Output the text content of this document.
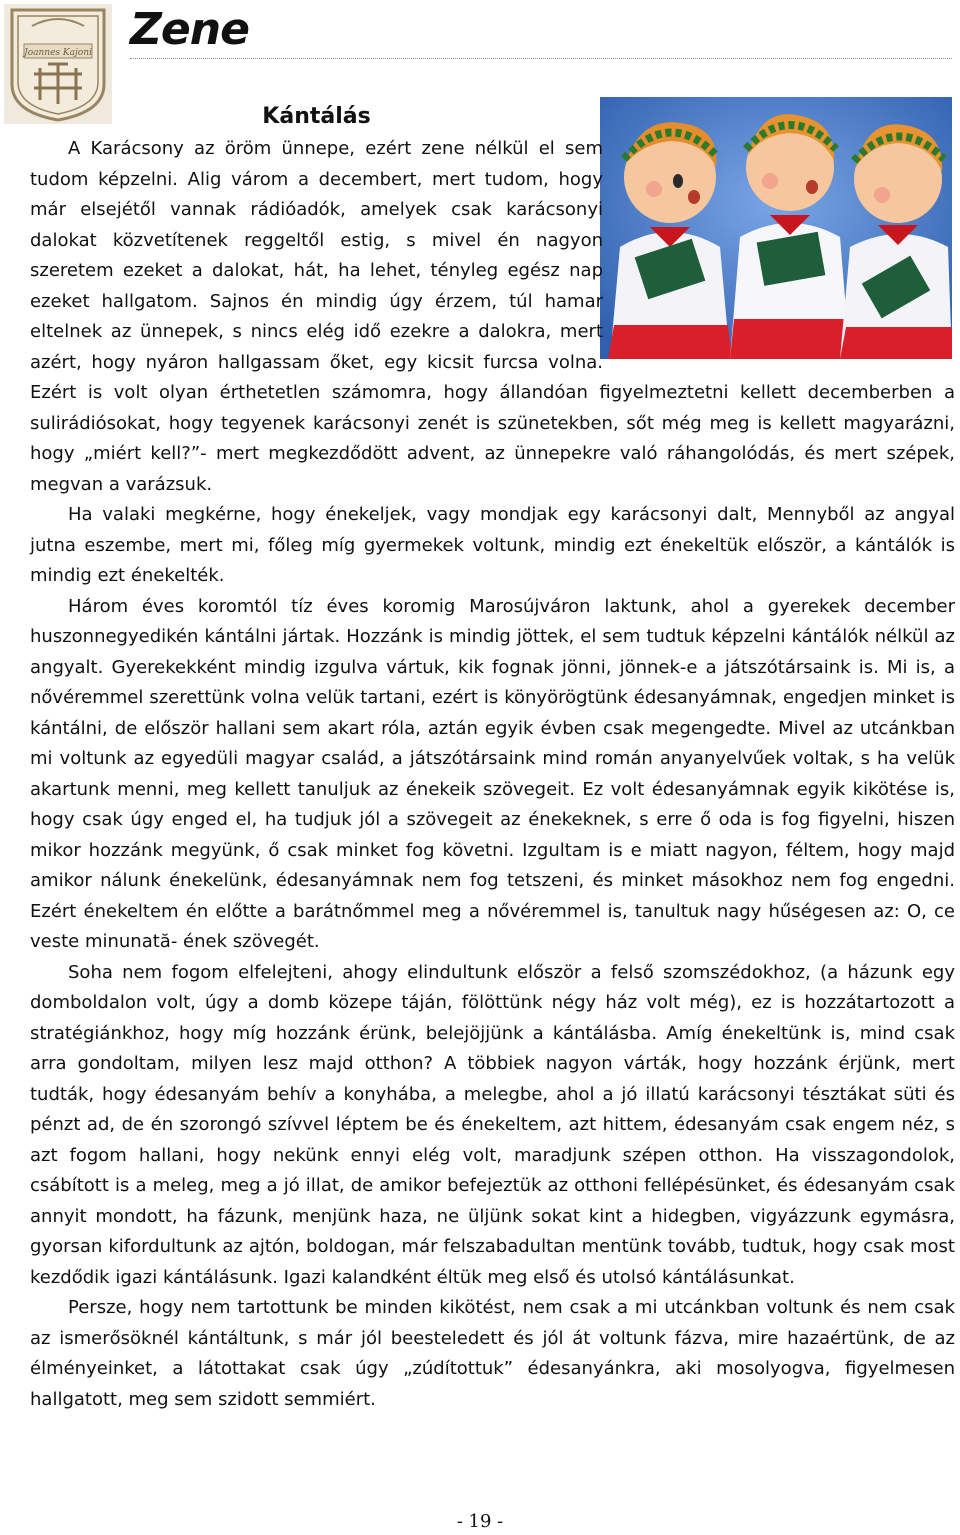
Joannes Kajoni Zene
Kántálás

A Karácsony az öröm ünnepe, ezért zene nélkül el sem tudom képzelni. Alig várom a decembert, mert tudom, hogy már elsejétől vannak rádióadók, amelyek csak karácsonyi dalokat közvetítenek reggeltől estig, s mivel én nagyon szeretem ezeket a dalokat, hát, ha lehet, tényleg egész nap ezeket hallgatom. Sajnos én mindig úgy érzem, túl hamar eltelnek az ünnepek, s nincs elég idő ezekre a dalokra, mert azért, hogy nyáron hallgassam őket, egy kicsit furcsa volna. Ezért is volt olyan érthetetlen számomra, hogy állandóan figyelmeztetni kellett decemberben a sulirádiósokat, hogy tegyenek karácsonyi zenét is szünetekben, sőt még meg is kellett magyarázni, hogy „miért kell?”- mert megkezdődött advent, az ünnepekre való ráhangolódás, és mert szépek, megvan a varázsuk.

Ha valaki megkérne, hogy énekeljek, vagy mondjak egy karácsonyi dalt, Mennyből az angyal jutna eszembe, mert mi, főleg míg gyermekek voltunk, mindig ezt énekeltük először, a kántálók is mindig ezt énekelték.

Három éves koromtól tíz éves koromig Marosújváron laktunk, ahol a gyerekek december huszonnegyedikén kántálni jártak. Hozzánk is mindig jöttek, el sem tudtuk képzelni kántálók nélkül az angyalt. Gyerekekként mindig izgulva vártuk, kik fognak jönni, jönnek-e a játszótársaink is. Mi is, a nővéremmel szerettünk volna velük tartani, ezért is könyörögtünk édesanyámnak, engedjen minket is kántálni, de először hallani sem akart róla, aztán egyik évben csak megengedte. Mivel az utcánkban mi voltunk az egyedüli magyar család, a játszótársaink mind román anyanyelvűek voltak, s ha velük akartunk menni, meg kellett tanuljuk az énekeik szövegeit. Ez volt édesanyámnak egyik kikötése is, hogy csak úgy enged el, ha tudjuk jól a szövegeit az énekeknek, s erre ő oda is fog figyelni, hiszen mikor hozzánk megyünk, ő csak minket fog követni. Izgultam is e miatt nagyon, féltem, hogy majd amikor nálunk énekelünk, édesanyámnak nem fog tetszeni, és minket másokhoz nem fog engedni. Ezért énekeltem én előtte a barátnőmmel meg a nővéremmel is, tanultuk nagy hűségesen az: O, ce veste minunată- ének szövegét.

Soha nem fogom elfelejteni, ahogy elindultunk először a felső szomszédokhoz, (a házunk egy domboldalon volt, úgy a domb közepe táján, fölöttünk négy ház volt még), ez is hozzátartozott a stratégiánkhoz, hogy míg hozzánk érünk, belejöjjünk a kántálásba. Amíg énekeltünk is, mind csak arra gondoltam, milyen lesz majd otthon? A többiek nagyon várták, hogy hozzánk érjünk, mert tudták, hogy édesanyám behív a konyhába, a melegbe, ahol a jó illatú karácsonyi tésztákat süti és pénzt ad, de én szorongó szívvel léptem be és énekeltem, azt hittem, édesanyám csak engem néz, s azt fogom hallani, hogy nekünk ennyi elég volt, maradjunk szépen otthon. Ha visszagondolok, csábított is a meleg, meg a jó illat, de amikor befejeztük az otthoni fellépésünket, és édesanyám csak annyit mondott, ha fázunk, menjünk haza, ne üljünk sokat kint a hidegben, vigyázzunk egymásra, gyorsan kifordultunk az ajtón, boldogan, már felszabadultan mentünk tovább, tudtuk, hogy csak most kezdődik igazi kántálásunk. Igazi kalandként éltük meg első és utolsó kántálásunkat.

Persze, hogy nem tartottunk be minden kikötést, nem csak a mi utcánkban voltunk és nem csak az ismerősöknél kántáltunk, s már jól beesteledett és jól át voltunk fázva, mire hazaértünk, de az élményeinket, a látottakat csak úgy „zúdítottuk” édesanyánkra, aki mosolyogva, figyelmesen hallgatott, meg sem szidott semmiért.

- 19 -
